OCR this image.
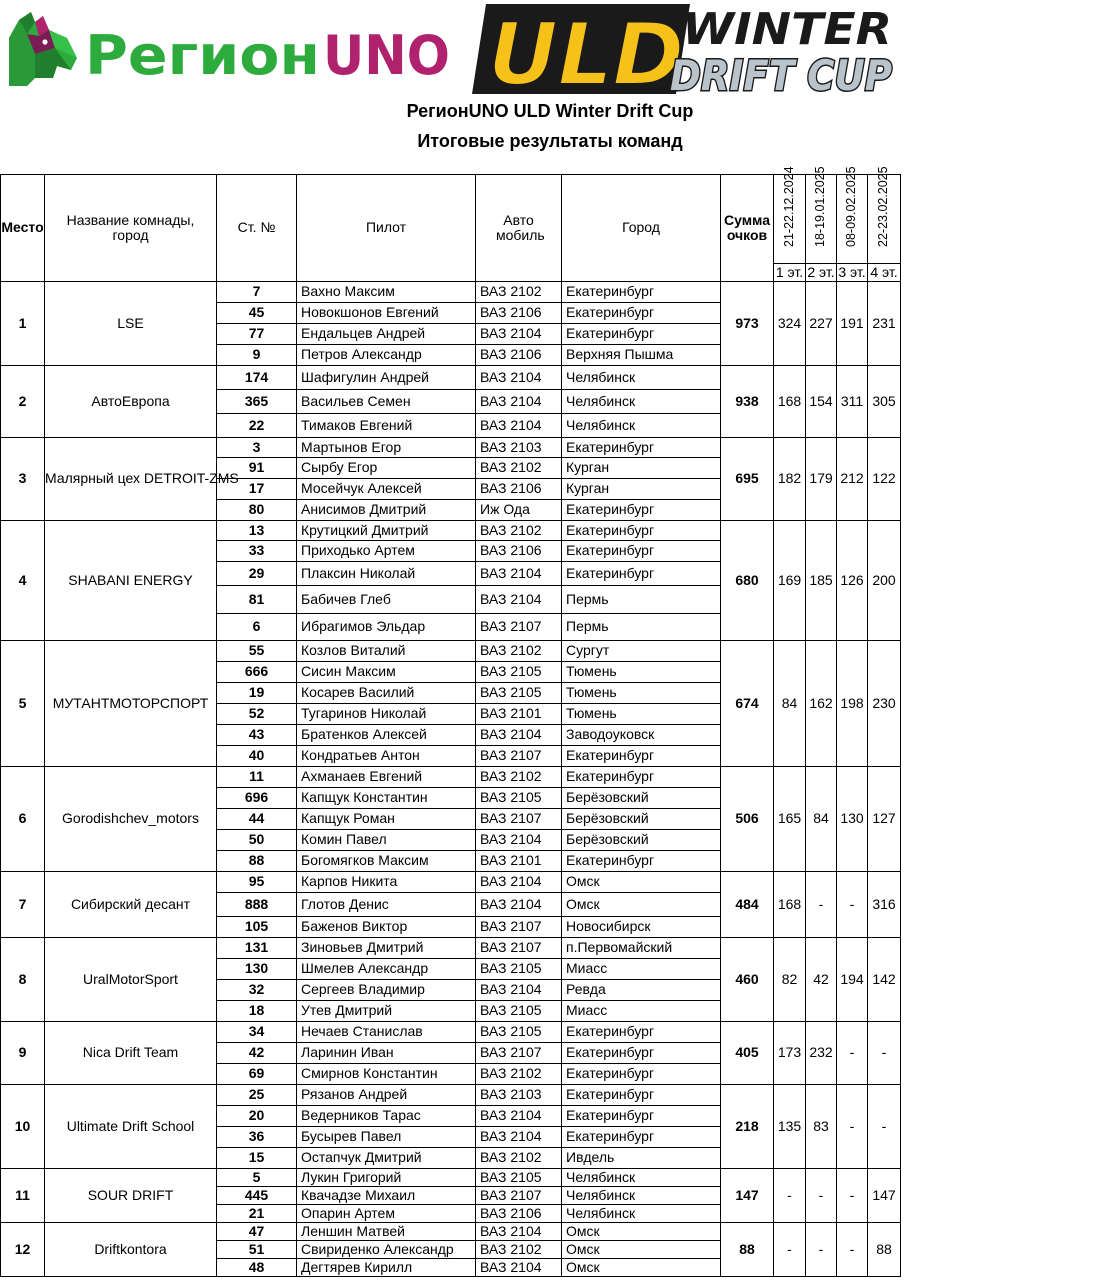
Регион UNO ULD
WINTER
DRIFT CUP
РегионUNO ULD Winter Drift Cup
Итоговые результаты команд
Место	Название комнады, город	Ст. №	Пилот	Авто мобиль	Город	Сумма очков	21-22.12.2024	18-19.01.2025	08-09.02.2025	22-23.02.2025

							1 эт.	2 эт.	3 эт.	4 эт.
1	LSE	7	Вахно Максим	ВАЗ 2102	Екатеринбург	973	324	227	191	231
		45	Новокшонов Евгений	ВАЗ 2106	Екатеринбург					
		77	Ендальцев Андрей	ВАЗ 2104	Екатеринбург					
		9	Петров Александр	ВАЗ 2106	Верхняя Пышма					
2	АвтоЕвропа	174	Шафигулин Андрей	ВАЗ 2104	Челябинск	938	168	154	311	305
		365	Васильев Семен	ВАЗ 2104	Челябинск					
		22	Тимаков Евгений	ВАЗ 2104	Челябинск					
3	Малярный цех DETROIT-ZMS	3	Мартынов Егор	ВАЗ 2103	Екатеринбург	695	182	179	212	122
		91	Сырбу Егор	ВАЗ 2102	Курган					
		17	Мосейчук Алексей	ВАЗ 2106	Курган					
		80	Анисимов Дмитрий	Иж Ода	Екатеринбург					
4	SHABANI ENERGY	13	Крутицкий Дмитрий	ВАЗ 2102	Екатеринбург	680	169	185	126	200
		33	Приходько Артем	ВАЗ 2106	Екатеринбург					
		29	Плаксин Николай	ВАЗ 2104	Екатеринбург					
		81	Бабичев Глеб	ВАЗ 2104	Пермь					
		6	Ибрагимов Эльдар	ВАЗ 2107	Пермь					
5	МУТАНТМОТОРСПОРТ	55	Козлов Виталий	ВАЗ 2102	Сургут	674	84	162	198	230
		666	Сисин Максим	ВАЗ 2105	Тюмень					
		19	Косарев Василий	ВАЗ 2105	Тюмень					
		52	Тугаринов Николай	ВАЗ 2101	Тюмень					
		43	Братенков Алексей	ВАЗ 2104	Заводоуковск					
		40	Кондратьев Антон	ВАЗ 2107	Екатеринбург					
6	Gorodishchev_motors	11	Ахманаев Евгений	ВАЗ 2102	Екатеринбург	506	165	84	130	127
		696	Капщук Константин	ВАЗ 2105	Берёзовский					
		44	Капщук Роман	ВАЗ 2107	Берёзовский					
		50	Комин Павел	ВАЗ 2104	Берёзовский					
		88	Богомягков Максим	ВАЗ 2101	Екатеринбург					
7	Сибирский десант	95	Карпов Никита	ВАЗ 2104	Омск	484	168	-	-	316
		888	Глотов Денис	ВАЗ 2104	Омск					
		105	Баженов Виктор	ВАЗ 2107	Новосибирск					
8	UralMotorSport	131	Зиновьев Дмитрий	ВАЗ 2107	п.Первомайский	460	82	42	194	142
		130	Шмелев Александр	ВАЗ 2105	Миасс					
		32	Сергеев Владимир	ВАЗ 2104	Ревда					
		18	Утев Дмитрий	ВАЗ 2105	Миасс					
9	Nica Drift Team	34	Нечаев Станислав	ВАЗ 2105	Екатеринбург	405	173	232	-	-
		42	Ларинин Иван	ВАЗ 2107	Екатеринбург					
		69	Смирнов Константин	ВАЗ 2102	Екатеринбург					
10	Ultimate Drift School	25	Рязанов Андрей	ВАЗ 2103	Екатеринбург	218	135	83	-	-
		20	Ведерников Тарас	ВАЗ 2104	Екатеринбург					
		36	Бусырев Павел	ВАЗ 2104	Екатеринбург					
		15	Остапчук Дмитрий	ВАЗ 2102	Ивдель					
11	SOUR DRIFT	5	Лукин Григорий	ВАЗ 2105	Челябинск	147	-	-	-	147
		445	Квачадзе Михаил	ВАЗ 2107	Челябинск					
		21	Опарин Артем	ВАЗ 2106	Челябинск					
12	Driftkontora	47	Леншин Матвей	ВАЗ 2104	Омск	88	-	-	-	88
		51	Свириденко Александр	ВАЗ 2102	Омск					
		48	Дегтярев Кирилл	ВАЗ 2104	Омск					
